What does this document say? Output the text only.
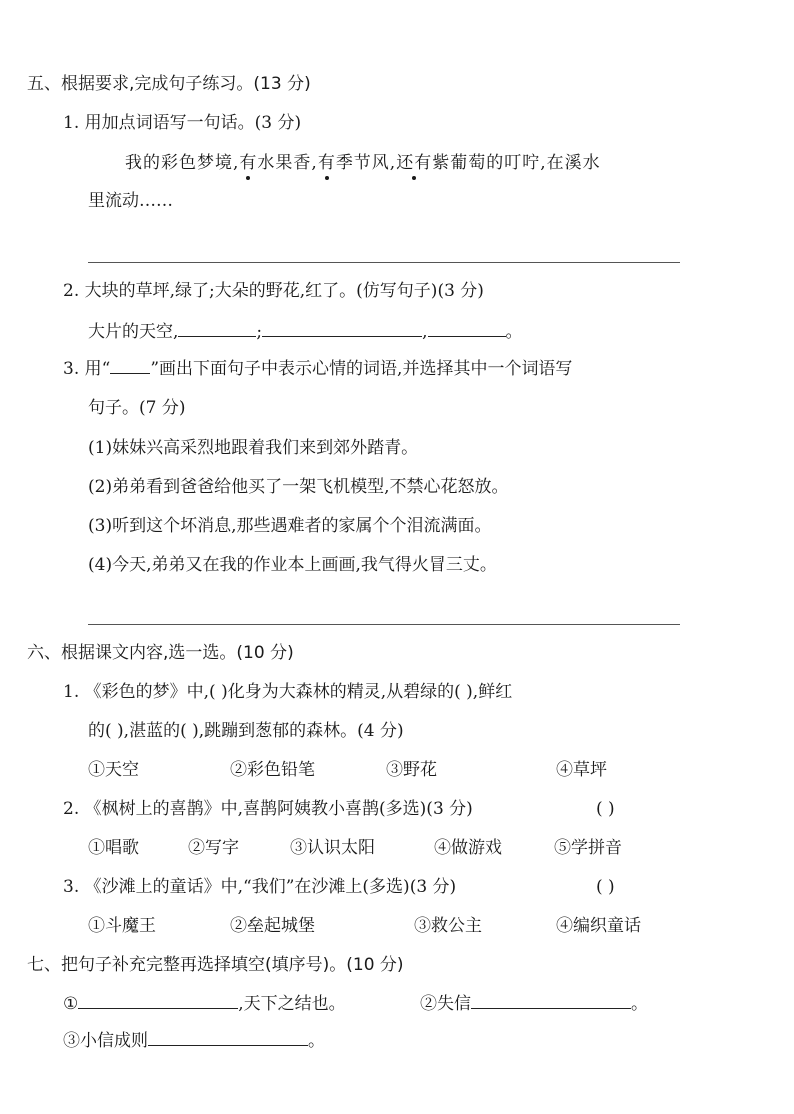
五、根据要求,完成句子练习。(13 分)
1. 用加点词语写一句话。(3 分)
我的彩色梦境,有水果香,有季节风,还有紫葡萄的叮咛,在溪水
里流动……
2. 大块的草坪,绿了;大朵的野花,红了。(仿写句子)(3 分)
大片的天空,	;	,	。
3. 用“ ”画出下面句子中表示心情的词语,并选择其中一个词语写
句子。(7 分)
(1)妹妹兴高采烈地跟着我们来到郊外踏青。
(2)弟弟看到爸爸给他买了一架飞机模型,不禁心花怒放。
(3)听到这个坏消息,那些遇难者的家属个个泪流满面。
(4)今天,弟弟又在我的作业本上画画,我气得火冒三丈。
六、根据课文内容,选一选。(10 分)
1. 《彩色的梦》中,( )化身为大森林的精灵,从碧绿的( ),鲜红
的( ),湛蓝的( ),跳蹦到葱郁的森林。(4 分)
①天空	②彩色铅笔	③野花	④草坪
2. 《枫树上的喜鹊》中,喜鹊阿姨教小喜鹊(多选)(3 分)	( )
①唱歌	②写字	③认识太阳	④做游戏	⑤学拼音
3. 《沙滩上的童话》中,“我们”在沙滩上(多选)(3 分)	( )
①斗魔王	②垒起城堡	③救公主	④编织童话
七、把句子补充完整再选择填空(填序号)。(10 分)
①	,天下之结也。	②失信	。
③小信成则	。
